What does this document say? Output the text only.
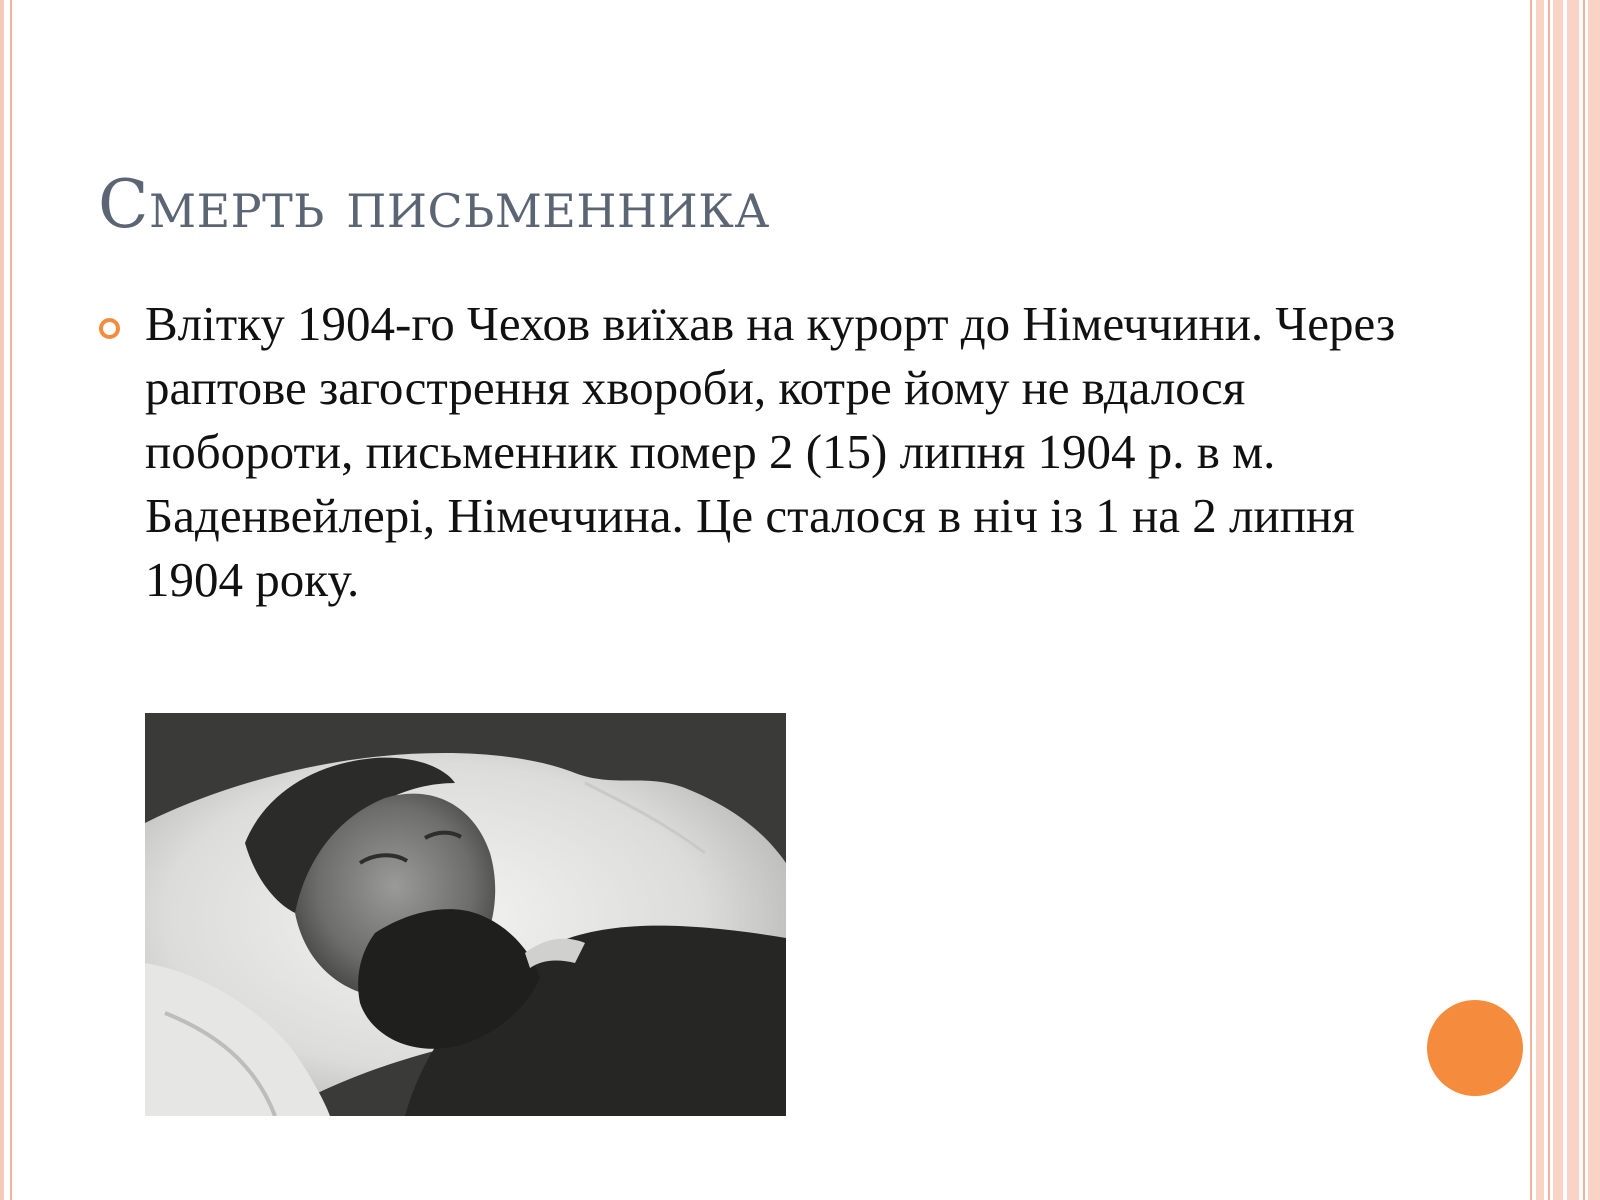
Смерть письменника

Влітку 1904-го Чехов виїхав на курорт до Німеччини. Через раптове загострення хвороби, котре йому не вдалося побороти, письменник помер 2 (15) липня 1904 р. в м. Баденвейлері, Німеччина. Це сталося в ніч із 1 на 2 липня 1904 року.
